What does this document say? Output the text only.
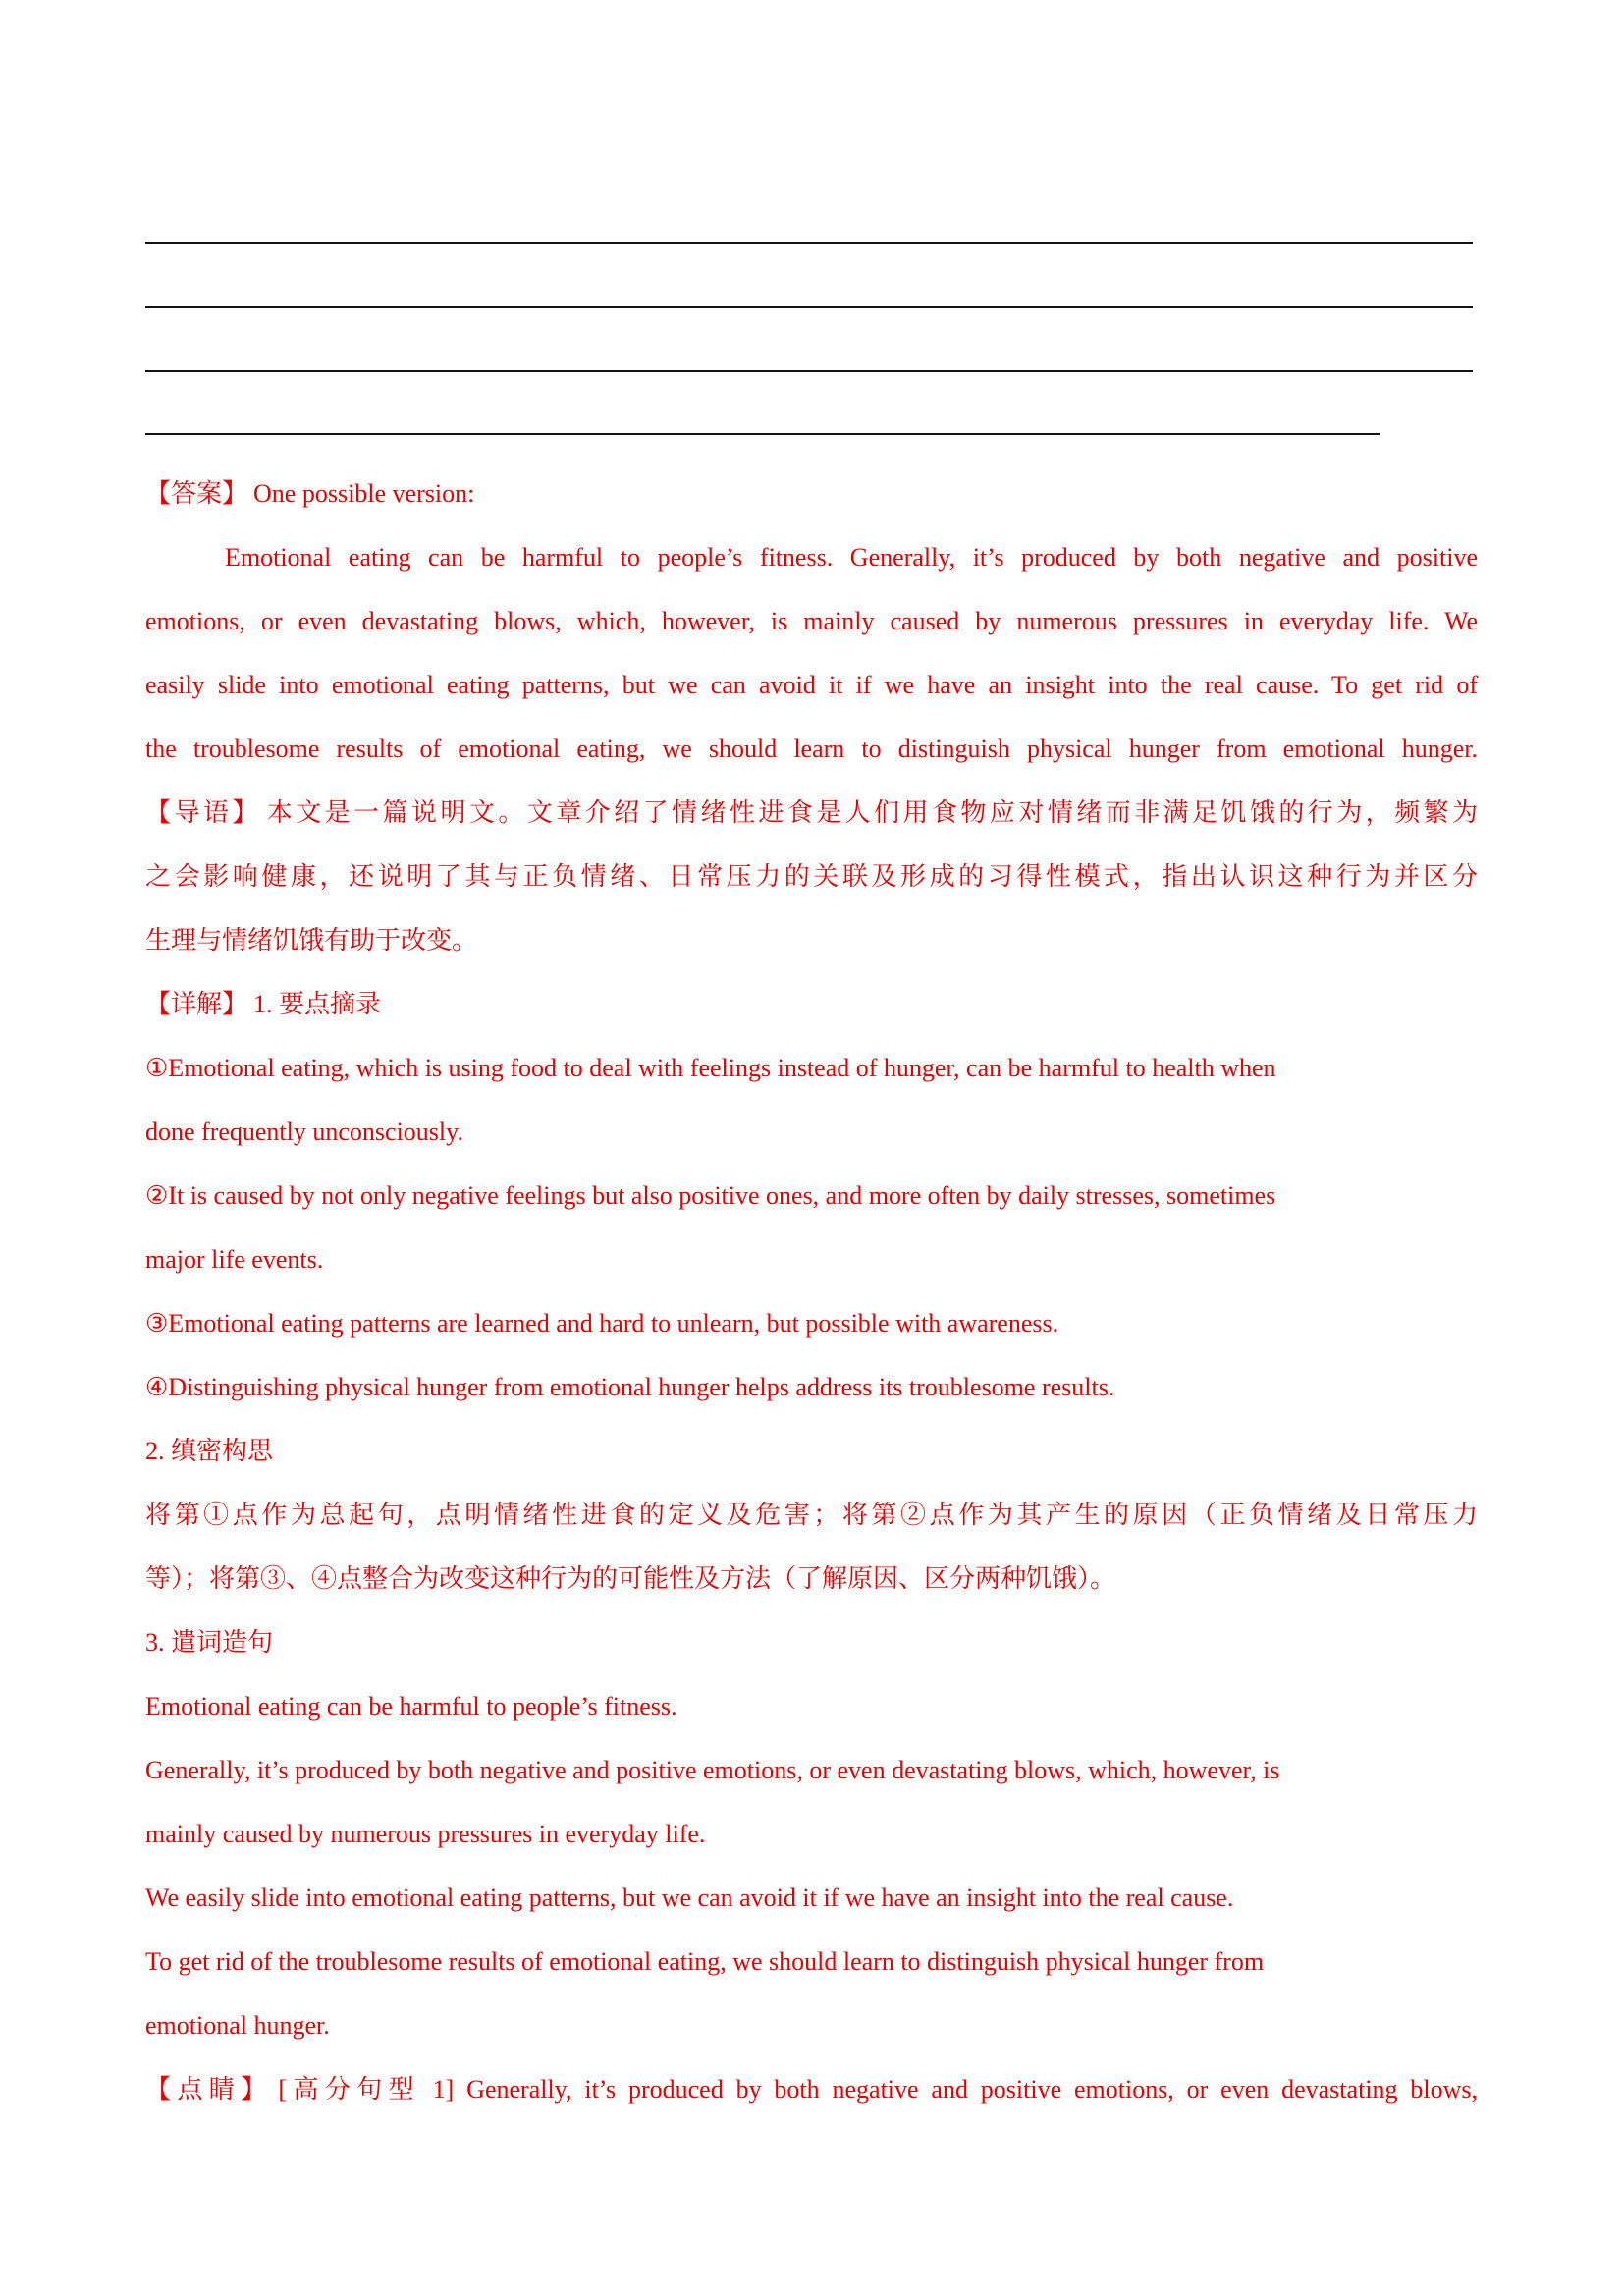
【答案】 One possible version:
Emotional eating can be harmful to people’s fitness. Generally, it’s produced by both negative and positive
emotions, or even devastating blows, which, however, is mainly caused by numerous pressures in everyday life. We
easily slide into emotional eating patterns, but we can avoid it if we have an insight into the real cause. To get rid of
the troublesome results of emotional eating, we should learn to distinguish physical hunger from emotional hunger.
【导语】 本文是一篇说明文。文章介绍了情绪性进食是人们用食物应对情绪而非满足饥饿的行为，频繁为
之会影响健康，还说明了其与正负情绪、日常压力的关联及形成的习得性模式，指出认识这种行为并区分
生理与情绪饥饿有助于改变。
【详解】 1. 要点摘录
①Emotional eating, which is using food to deal with feelings instead of hunger, can be harmful to health when
done frequently unconsciously.
②It is caused by not only negative feelings but also positive ones, and more often by daily stresses, sometimes
major life events.
③Emotional eating patterns are learned and hard to unlearn, but possible with awareness.
④Distinguishing physical hunger from emotional hunger helps address its troublesome results.
2. 缜密构思
将第①点作为总起句，点明情绪性进食的定义及危害；将第②点作为其产生的原因（正负情绪及日常压力
等）；将第③、④点整合为改变这种行为的可能性及方法（了解原因、区分两种饥饿）。
3. 遣词造句
Emotional eating can be harmful to people’s fitness.
Generally, it’s produced by both negative and positive emotions, or even devastating blows, which, however, is
mainly caused by numerous pressures in everyday life.
We easily slide into emotional eating patterns, but we can avoid it if we have an insight into the real cause.
To get rid of the troublesome results of emotional eating, we should learn to distinguish physical hunger from
emotional hunger.
【点睛】 [高分句型 1] Generally, it’s produced by both negative and positive emotions, or even devastating blows,
